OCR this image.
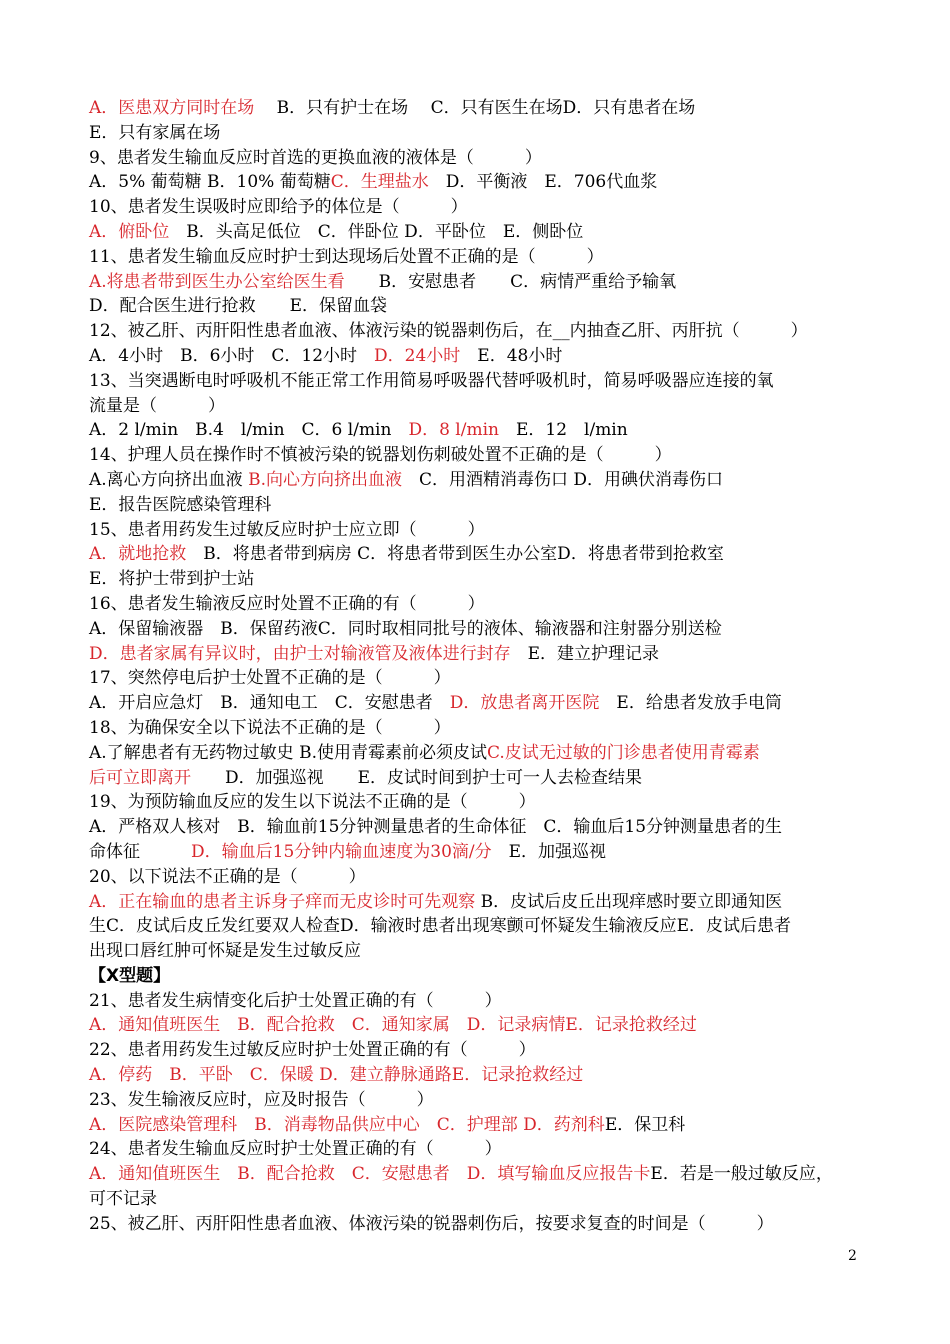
A．医患双方同时在场　 B．只有护士在场　 C．只有医生在场D．只有患者在场
E．只有家属在场
9、患者发生输血反应时首选的更换血液的液体是（　　　）
A．5% 葡萄糖 B．10% 葡萄糖C．生理盐水　D．平衡液　E．706代血浆
10、患者发生误吸时应即给予的体位是（　　　）
A．俯卧位　B．头高足低位　C．伴卧位 D．平卧位　E．侧卧位
11、患者发生输血反应时护士到达现场后处置不正确的是（　　　）
A.将患者带到医生办公室给医生看　　B．安慰患者　　C．病情严重给予输氧
D．配合医生进行抢救　　E．保留血袋
12、被乙肝、丙肝阳性患者血液、体液污染的锐器刺伤后，在__内抽查乙肝、丙肝抗（　　　）
A．4小时　B．6小时　C．12小时　D．24小时　E．48小时
13、当突遇断电时呼吸机不能正常工作用简易呼吸器代替呼吸机时，简易呼吸器应连接的氧
流量是（　　　）
A．2 l/min　B.4　l/min　C．6 l/min　D．8 l/min　E．12　l/min
14、护理人员在操作时不慎被污染的锐器划伤刺破处置不正确的是（　　　）
A.离心方向挤出血液 B.向心方向挤出血液　C．用酒精消毒伤口 D．用碘伏消毒伤口
E．报告医院感染管理科
15、患者用药发生过敏反应时护士应立即（　　　）
A．就地抢救　B．将患者带到病房 C．将患者带到医生办公室D．将患者带到抢救室
E．将护士带到护士站
16、患者发生输液反应时处置不正确的有（　　　）
A．保留输液器　B．保留药液C．同时取相同批号的液体、输液器和注射器分别送检
D．患者家属有异议时，由护士对输液管及液体进行封存　E．建立护理记录
17、突然停电后护士处置不正确的是（　　　）
A．开启应急灯　B．通知电工　C．安慰患者　D．放患者离开医院　E．给患者发放手电筒
18、为确保安全以下说法不正确的是（　　　）
A.了解患者有无药物过敏史 B.使用青霉素前必须皮试C.皮试无过敏的门诊患者使用青霉素
后可立即离开　　D．加强巡视　　E．皮试时间到护士可一人去检查结果
19、为预防输血反应的发生以下说法不正确的是（　　　）
A．严格双人核对　B．输血前15分钟测量患者的生命体征　C．输血后15分钟测量患者的生
命体征　　　D．输血后15分钟内输血速度为30滴/分　E．加强巡视
20、以下说法不正确的是（　　　）
A．正在输血的患者主诉身子痒而无皮诊时可先观察 B．皮试后皮丘出现痒感时要立即通知医
生C．皮试后皮丘发红要双人检查D．输液时患者出现寒颤可怀疑发生输液反应E．皮试后患者
出现口唇红肿可怀疑是发生过敏反应
【X型题】
21、患者发生病情变化后护士处置正确的有（　　　）
A．通知值班医生　B．配合抢救　C．通知家属　D．记录病情E．记录抢救经过
22、患者用药发生过敏反应时护士处置正确的有（　　　）
A．停药　B．平卧　C．保暖 D．建立静脉通路E．记录抢救经过
23、发生输液反应时，应及时报告（　　　）
A．医院感染管理科　B．消毒物品供应中心　C．护理部 D．药剂科E．保卫科
24、患者发生输血反应时护士处置正确的有（　　　）
A．通知值班医生　B．配合抢救　C．安慰患者　D．填写输血反应报告卡E．若是一般过敏反应，
可不记录
25、被乙肝、丙肝阳性患者血液、体液污染的锐器刺伤后，按要求复查的时间是（　　　）
2
